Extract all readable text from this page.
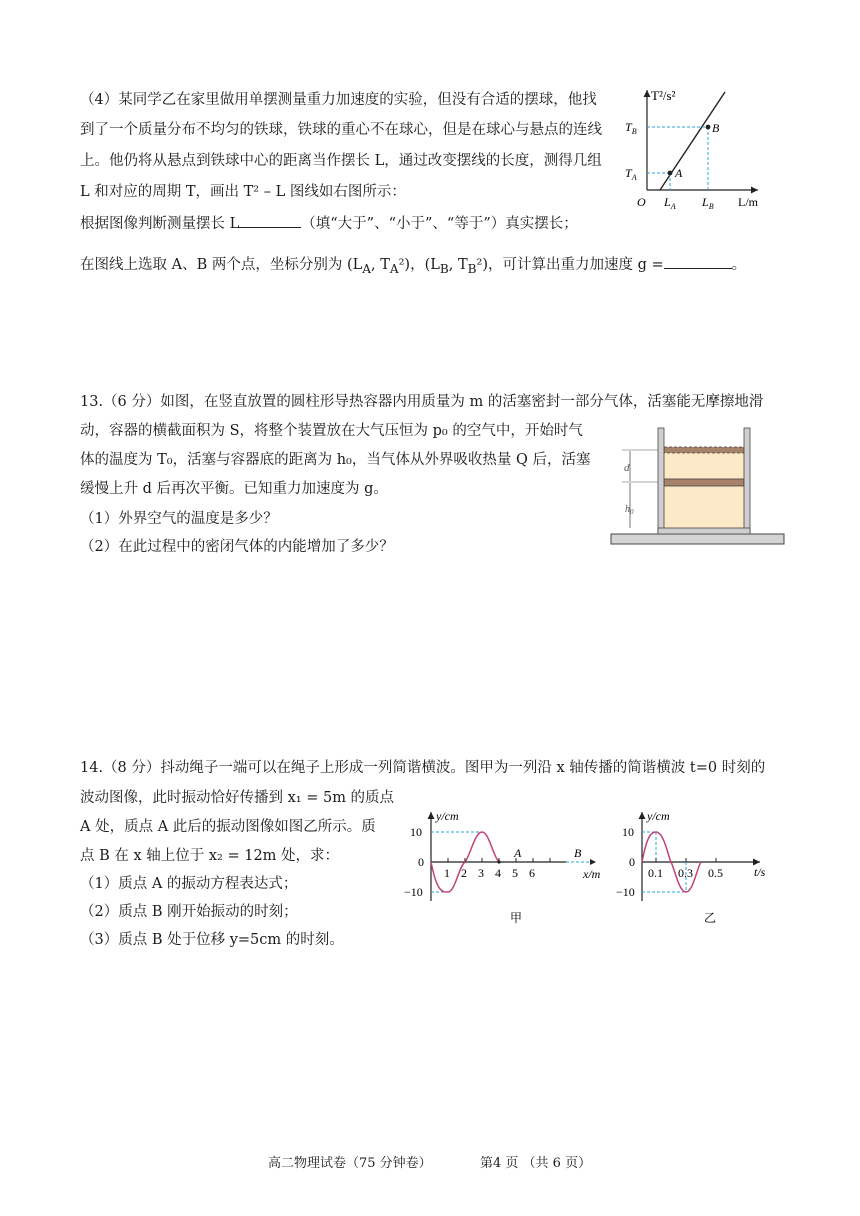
（4）某同学乙在家里做用单摆测量重力加速度的实验，但没有合适的摆球，他找
到了一个质量分布不均匀的铁球，铁球的重心不在球心，但是在球心与悬点的连线
上。他仍将从悬点到铁球中心的距离当作摆长 L，通过改变摆线的长度，测得几组
L 和对应的周期 T，画出 T² – L 图线如右图所示：
根据图像判断测量摆长 L	（填“大于”、“小于”、“等于”）真实摆长；
在图线上选取 A、B 两个点，坐标分别为 ($L_A$, $T_A^2$)，($L_B$, $T_B^2$)，可计算出重力加速度 g =	。
T²/s²
$T_B$
$T_A$
B
A
O $L_A$ $L_B$ L/m
13.（6 分）如图，在竖直放置的圆柱形导热容器内用质量为 m 的活塞密封一部分气体，活塞能无摩擦地滑
动，容器的横截面积为 S，将整个装置放在大气压恒为 p₀ 的空气中，开始时气
体的温度为 T₀，活塞与容器底的距离为 h₀，当气体从外界吸收热量 Q 后，活塞
缓慢上升 d 后再次平衡。已知重力加速度为 g。
（1）外界空气的温度是多少？
（2）在此过程中的密闭气体的内能增加了多少？
d
$h_0$
14.（8 分）抖动绳子一端可以在绳子上形成一列简谐横波。图甲为一列沿 x 轴传播的简谐横波 t=0 时刻的
波动图像，此时振动恰好传播到 x₁ = 5m 的质点
A 处，质点 A 此后的振动图像如图乙所示。质
点 B 在 x 轴上位于 x₂ = 12m 处，求：
（1）质点 A 的振动方程表达式；
（2）质点 B 刚开始振动的时刻；
（3）质点 B 处于位移 y=5cm 的时刻。
y/cm
10
0
−10
1 2 3 4 5 6	x/m
A	B
甲
y/cm
10
0
−10
0.1 0.3 0.5	t/s
乙
高二物理试卷（75 分钟卷）	第4 页 （共 6 页）
